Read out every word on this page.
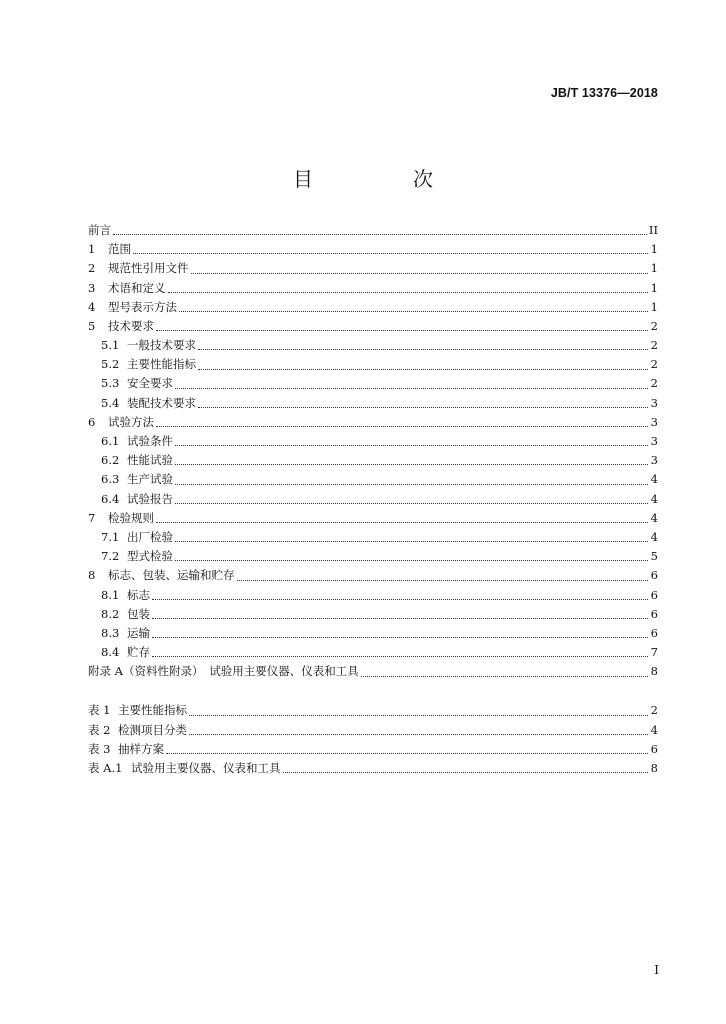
JB/T 13376—2018
目　次
前言	II
1	范围	1
2	规范性引用文件	1
3	术语和定义	1
4	型号表示方法	1
5	技术要求	2
5.1 一般技术要求	2
5.2 主要性能指标	2
5.3 安全要求	2
5.4 装配技术要求	3
6	试验方法	3
6.1 试验条件	3
6.2 性能试验	3
6.3 生产试验	4
6.4 试验报告	4
7	检验规则	4
7.1 出厂检验	4
7.2 型式检验	5
8	标志、包装、运输和贮存	6
8.1 标志	6
8.2 包装	6
8.3 运输	6
8.4 贮存	7
附录 A（资料性附录）　试验用主要仪器、仪表和工具	8
表 1 主要性能指标	2
表 2 检测项目分类	4
表 3 抽样方案	6
表 A.1 试验用主要仪器、仪表和工具	8
I
